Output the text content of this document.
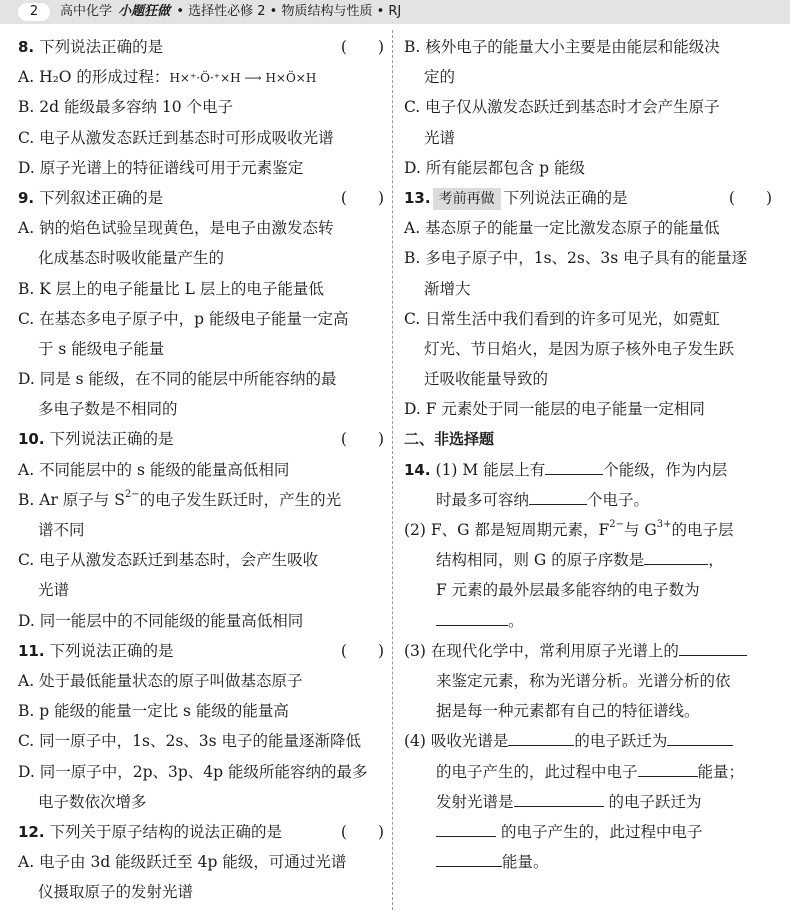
2	高中化学 小题狂做 • 选择性必修 2 • 物质结构与性质 • RJ
8. 下列说法正确的是	(　　)
A. H₂O 的形成过程：H×⁺·Ö·⁺×H ⟶ H×Ö×H
B. 2d 能级最多容纳 10 个电子
C. 电子从激发态跃迁到基态时可形成吸收光谱
D. 原子光谱上的特征谱线可用于元素鉴定
9. 下列叙述正确的是	(　　)
A. 钠的焰色试验呈现黄色，是电子由激发态转
化成基态时吸收能量产生的
B. K 层上的电子能量比 L 层上的电子能量低
C. 在基态多电子原子中，p 能级电子能量一定高
于 s 能级电子能量
D. 同是 s 能级，在不同的能层中所能容纳的最
多电子数是不相同的
10. 下列说法正确的是	(　　)
A. 不同能层中的 s 能级的能量高低相同
B. Ar 原子与 $S^{2-}$的电子发生跃迁时，产生的光
谱不同
C. 电子从激发态跃迁到基态时，会产生吸收
光谱
D. 同一能层中的不同能级的能量高低相同
11. 下列说法正确的是	(　　)
A. 处于最低能量状态的原子叫做基态原子
B. p 能级的能量一定比 s 能级的能量高
C. 同一原子中，1s、2s、3s 电子的能量逐渐降低
D. 同一原子中，2p、3p、4p 能级所能容纳的最多
电子数依次增多
12. 下列关于原子结构的说法正确的是	(　　)
A. 电子由 3d 能级跃迁至 4p 能级，可通过光谱
仪摄取原子的发射光谱
B. 核外电子的能量大小主要是由能层和能级决
定的
C. 电子仅从激发态跃迁到基态时才会产生原子
光谱
D. 所有能层都包含 p 能级
13. 考前再做 下列说法正确的是	(　　)
A. 基态原子的能量一定比激发态原子的能量低
B. 多电子原子中，1s、2s、3s 电子具有的能量逐
渐增大
C. 日常生活中我们看到的许多可见光，如霓虹
灯光、节日焰火，是因为原子核外电子发生跃
迁吸收能量导致的
D. F 元素处于同一能层的电子能量一定相同
二、非选择题
14. (1) M 能层上有	个能级，作为内层
时最多可容纳	个电子。
(2) F、G 都是短周期元素，$F^{2-}$与 $G^{3+}$的电子层
结构相同，则 G 的原子序数是	，
F 元素的最外层最多能容纳的电子数为
。
(3) 在现代化学中，常利用原子光谱上的
来鉴定元素，称为光谱分析。光谱分析的依
据是每一种元素都有自己的特征谱线。
(4) 吸收光谱是	的电子跃迁为
的电子产生的，此过程中电子	能量；
发射光谱是	的电子跃迁为
的电子产生的，此过程中电子
能量。
